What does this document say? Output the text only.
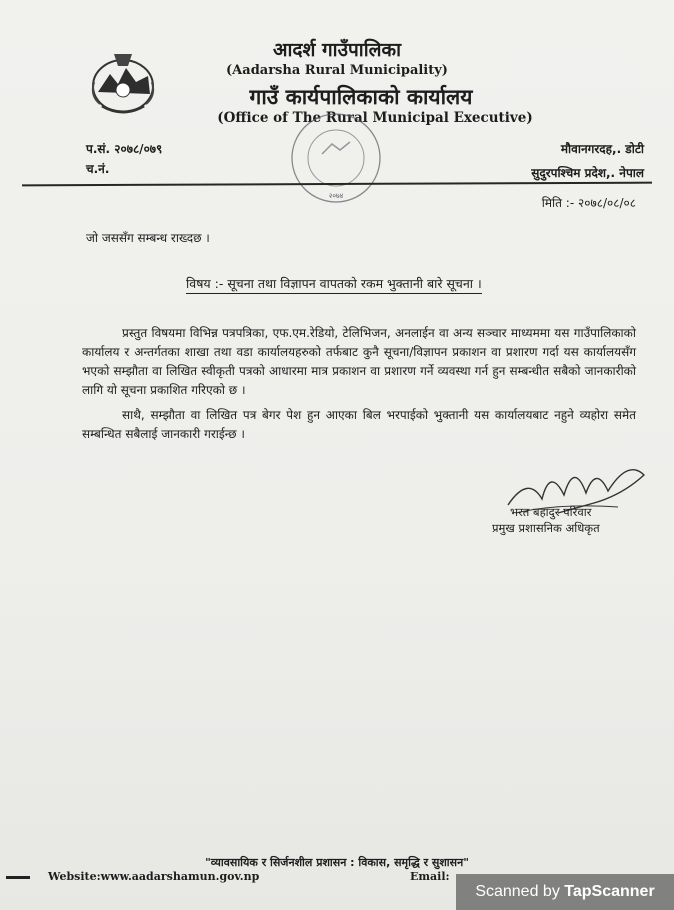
आदर्श गाउँपालिका
(Aadarsha Rural Municipality)
गाउँ कार्यपालिकाको कार्यालय
(Office of The Rural Municipal Executive)
प.सं. २०७८/०७९
च.नं.
२०७४
मौवानगरदह,. डोटी
सुदुरपश्चिम प्रदेश,. नेपाल
मिति :- २०७८/०८/०८
जो जससँग सम्बन्ध राख्दछ ।
विषय :- सूचना तथा विज्ञापन वापतको रकम भुक्तानी बारे सूचना ।
प्रस्तुत विषयमा विभिन्न पत्रपत्रिका, एफ.एम.रेडियो, टेलिभिजन, अनलाईन वा अन्य सञ्चार माध्यममा यस गाउँपालिकाको कार्यालय र अन्तर्गतका शाखा तथा वडा कार्यालयहरुको तर्फबाट कुनै सूचना/विज्ञापन प्रकाशन वा प्रशारण गर्दा यस कार्यालयसँग भएको सम्झौता वा लिखित स्वीकृती पत्रको आधारमा मात्र प्रकाशन वा प्रशारण गर्ने व्यवस्था गर्न हुन सम्बन्धीत सबैको जानकारीको लागि यो सूचना प्रकाशित गरिएको छ ।
साथै, सम्झौता वा लिखित पत्र बेगर पेश हुन आएका बिल भरपाईको भुक्तानी यस कार्यालयबाट नहुने व्यहोरा समेत सम्बन्धित सबैलाई जानकारी गराईन्छ ।
भरत बहादुर परिवार
प्रमुख प्रशासनिक अधिकृत
"व्यावसायिक र सिर्जनशील प्रशासन : विकास, समृद्धि र सुशासन"
Website:www.aadarshamun.gov.np	Email:
Scanned by TapScanner
